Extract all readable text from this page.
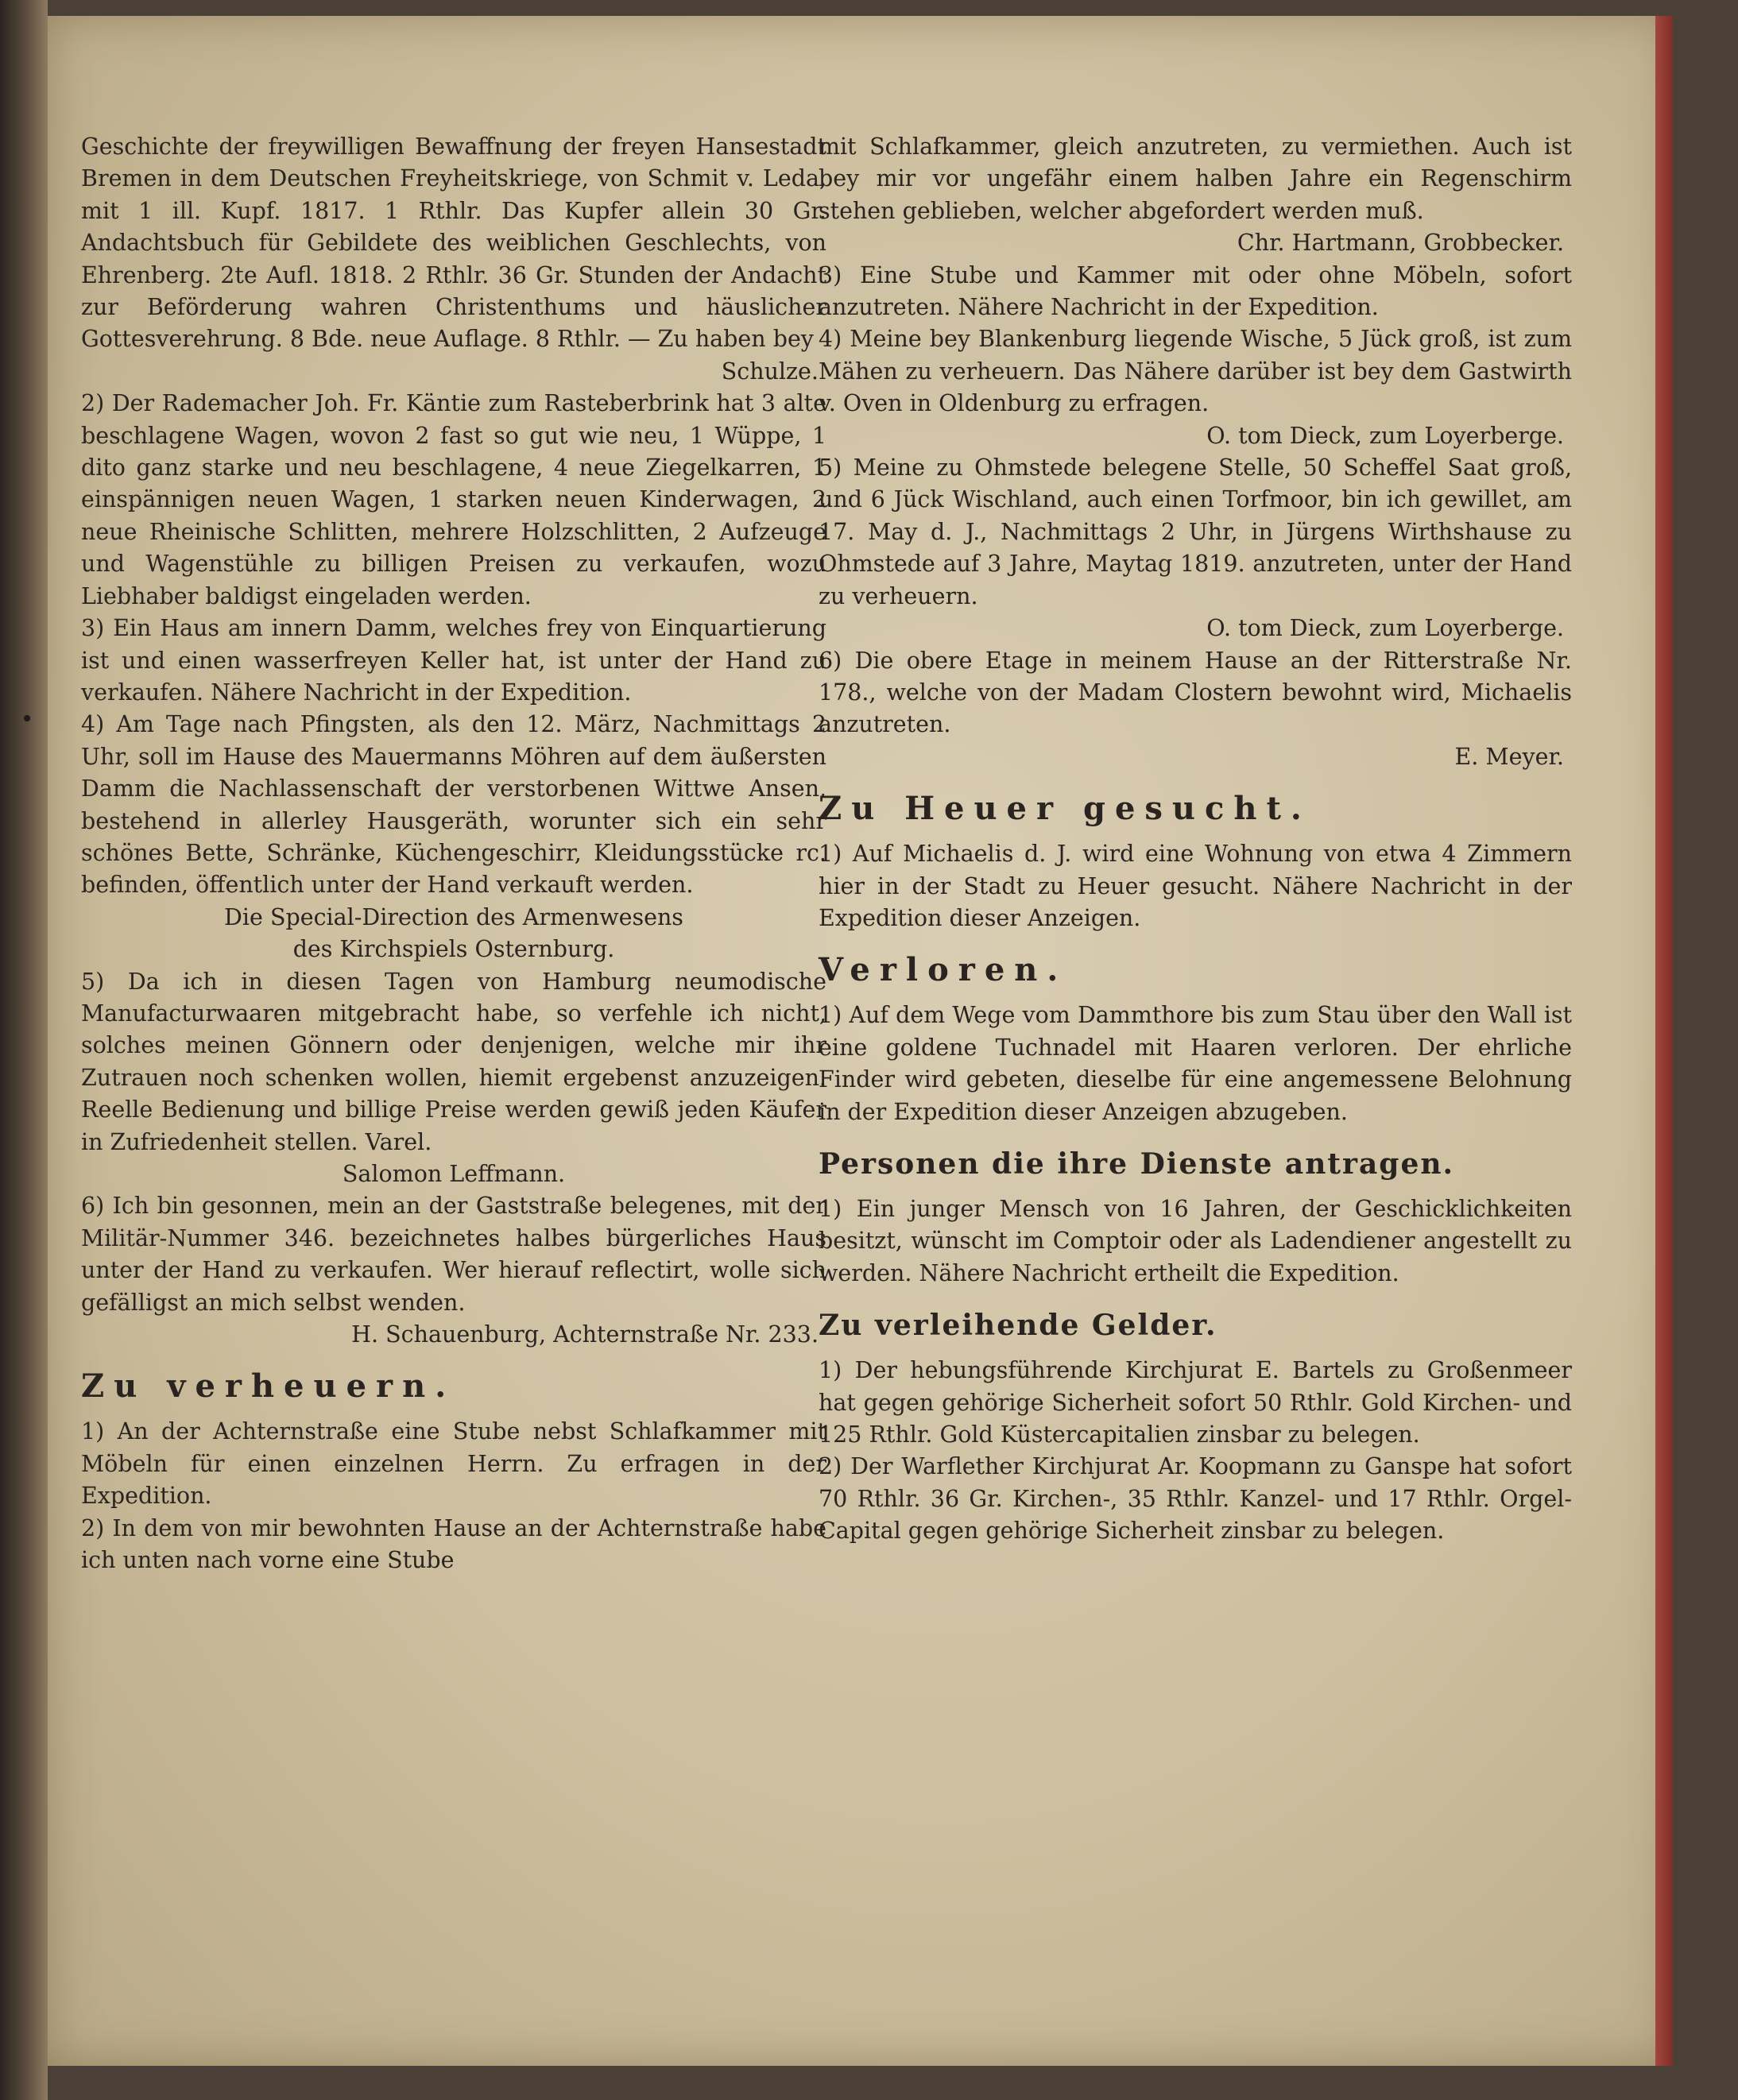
Geschichte der freywilligen Bewaffnung der freyen Hansestadt Bremen in dem Deutschen Freyheitskriege, von Schmit v. Leda, mit 1 ill. Kupf. 1817. 1 Rthlr. Das Kupfer allein 30 Gr. Andachtsbuch für Gebildete des weiblichen Geschlechts, von Ehrenberg. 2te Aufl. 1818. 2 Rthlr. 36 Gr. Stunden der Andacht zur Beförderung wahren Christenthums und häuslicher Gottesverehrung. 8 Bde. neue Auflage. 8 Rthlr. — Zu haben bey

Schulze.

2) Der Rademacher Joh. Fr. Käntie zum Rasteberbrink hat 3 alte beschlagene Wagen, wovon 2 fast so gut wie neu, 1 Wüppe, 1 dito ganz starke und neu beschlagene, 4 neue Ziegelkarren, 1 einspännigen neuen Wagen, 1 starken neuen Kinderwagen, 2 neue Rheinische Schlitten, mehrere Holzschlitten, 2 Aufzeuge und Wagenstühle zu billigen Preisen zu verkaufen, wozu Liebhaber baldigst eingeladen werden.

3) Ein Haus am innern Damm, welches frey von Einquartierung ist und einen wasserfreyen Keller hat, ist unter der Hand zu verkaufen. Nähere Nachricht in der Expedition.

4) Am Tage nach Pfingsten, als den 12. März, Nachmittags 2 Uhr, soll im Hause des Mauermanns Möhren auf dem äußersten Damm die Nachlassenschaft der verstorbenen Wittwe Ansen, bestehend in allerley Hausgeräth, worunter sich ein sehr schönes Bette, Schränke, Küchengeschirr, Kleidungsstücke rc. befinden, öffentlich unter der Hand verkauft werden.

Die Special-Direction des Armenwesens

des Kirchspiels Osternburg.

5) Da ich in diesen Tagen von Hamburg neumodische Manufacturwaaren mitgebracht habe, so verfehle ich nicht, solches meinen Gönnern oder denjenigen, welche mir ihr Zutrauen noch schenken wollen, hiemit ergebenst anzuzeigen. Reelle Bedienung und billige Preise werden gewiß jeden Käufer in Zufriedenheit stellen. Varel.

Salomon Leffmann.

6) Ich bin gesonnen, mein an der Gaststraße belegenes, mit der Militär-Nummer 346. bezeichnetes halbes bürgerliches Haus unter der Hand zu verkaufen. Wer hierauf reflectirt, wolle sich gefälligst an mich selbst wenden.

H. Schauenburg, Achternstraße Nr. 233.

Zu verheuern.

1) An der Achternstraße eine Stube nebst Schlafkammer mit Möbeln für einen einzelnen Herrn. Zu erfragen in der Expedition.

2) In dem von mir bewohnten Hause an der Achternstraße habe ich unten nach vorne eine Stube

mit Schlafkammer, gleich anzutreten, zu vermiethen. Auch ist bey mir vor ungefähr einem halben Jahre ein Regenschirm stehen geblieben, welcher abgefordert werden muß.

Chr. Hartmann, Grobbecker.

3) Eine Stube und Kammer mit oder ohne Möbeln, sofort anzutreten. Nähere Nachricht in der Expedition.

4) Meine bey Blankenburg liegende Wische, 5 Jück groß, ist zum Mähen zu verheuern. Das Nähere darüber ist bey dem Gastwirth v. Oven in Oldenburg zu erfragen.

O. tom Dieck, zum Loyerberge.

5) Meine zu Ohmstede belegene Stelle, 50 Scheffel Saat groß, und 6 Jück Wischland, auch einen Torfmoor, bin ich gewillet, am 17. May d. J., Nachmittags 2 Uhr, in Jürgens Wirthshause zu Ohmstede auf 3 Jahre, Maytag 1819. anzutreten, unter der Hand zu verheuern.

O. tom Dieck, zum Loyerberge.

6) Die obere Etage in meinem Hause an der Ritterstraße Nr. 178., welche von der Madam Clostern bewohnt wird, Michaelis anzutreten.

E. Meyer.

Zu Heuer gesucht.

1) Auf Michaelis d. J. wird eine Wohnung von etwa 4 Zimmern hier in der Stadt zu Heuer gesucht. Nähere Nachricht in der Expedition dieser Anzeigen.

Verloren.

1) Auf dem Wege vom Dammthore bis zum Stau über den Wall ist eine goldene Tuchnadel mit Haaren verloren. Der ehrliche Finder wird gebeten, dieselbe für eine angemessene Belohnung in der Expedition dieser Anzeigen abzugeben.

Personen die ihre Dienste antragen.

1) Ein junger Mensch von 16 Jahren, der Geschicklichkeiten besitzt, wünscht im Comptoir oder als Ladendiener angestellt zu werden. Nähere Nachricht ertheilt die Expedition.

Zu verleihende Gelder.

1) Der hebungsführende Kirchjurat E. Bartels zu Großenmeer hat gegen gehörige Sicherheit sofort 50 Rthlr. Gold Kirchen- und 125 Rthlr. Gold Küstercapitalien zinsbar zu belegen.

2) Der Warflether Kirchjurat Ar. Koopmann zu Ganspe hat sofort 70 Rthlr. 36 Gr. Kirchen-, 35 Rthlr. Kanzel- und 17 Rthlr. Orgel-Capital gegen gehörige Sicherheit zinsbar zu belegen.
